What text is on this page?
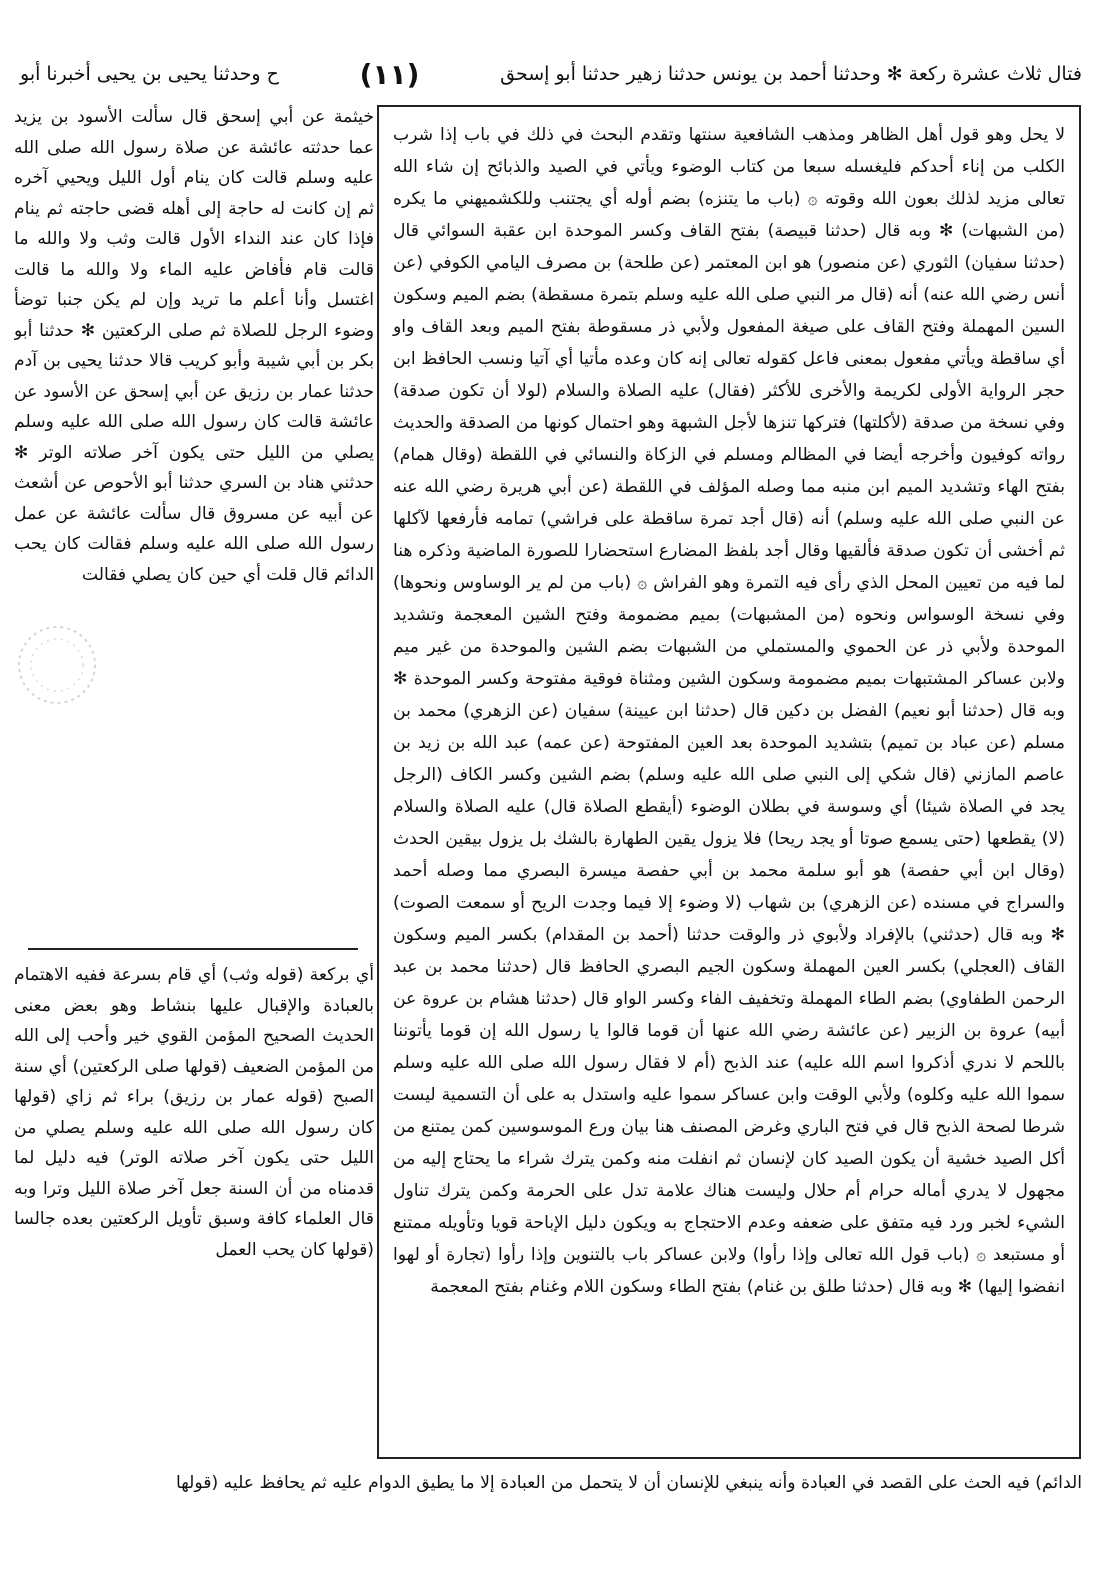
فتال ثلاث عشرة ركعة ✻ وحدثنا أحمد بن يونس حدثنا زهير حدثنا أبو إسحق
(١١)
ح وحدثنا يحيى بن يحيى أخبرنا أبو

لا يحل وهو قول أهل الظاهر ومذهب الشافعية سنتها وتقدم البحث في ذلك في باب إذا شرب الكلب من إناء أحدكم فليغسله سبعا من كتاب الوضوء ويأتي في الصيد والذبائح إن شاء الله تعالى مزيد لذلك بعون الله وقوته ۞ (باب ما يتنزه) بضم أوله أي يجتنب وللكشميهني ما يكره (من الشبهات) ✻ وبه قال (حدثنا قبيصة) بفتح القاف وكسر الموحدة ابن عقبة السوائي قال (حدثنا سفيان) الثوري (عن منصور) هو ابن المعتمر (عن طلحة) بن مصرف اليامي الكوفي (عن أنس رضي الله عنه) أنه (قال مر النبي صلى الله عليه وسلم بتمرة مسقطة) بضم الميم وسكون السين المهملة وفتح القاف على صيغة المفعول ولأبي ذر مسقوطة بفتح الميم وبعد القاف واو أي ساقطة ويأتي مفعول بمعنى فاعل كقوله تعالى إنه كان وعده مأتيا أي آتيا ونسب الحافظ ابن حجر الرواية الأولى لكريمة والأخرى للأكثر (فقال) عليه الصلاة والسلام (لولا أن تكون صدقة) وفي نسخة من صدقة (لأكلتها) فتركها تنزها لأجل الشبهة وهو احتمال كونها من الصدقة والحديث رواته كوفيون وأخرجه أيضا في المظالم ومسلم في الزكاة والنسائي في اللقطة (وقال همام) بفتح الهاء وتشديد الميم ابن منبه مما وصله المؤلف في اللقطة (عن أبي هريرة رضي الله عنه عن النبي صلى الله عليه وسلم) أنه (قال أجد تمرة ساقطة على فراشي) تمامه فأرفعها لآكلها ثم أخشى أن تكون صدقة فألقيها وقال أجد بلفظ المضارع استحضارا للصورة الماضية وذكره هنا لما فيه من تعيين المحل الذي رأى فيه التمرة وهو الفراش ۞ (باب من لم ير الوساوس ونحوها) وفي نسخة الوسواس ونحوه (من المشبهات) بميم مضمومة وفتح الشين المعجمة وتشديد الموحدة ولأبي ذر عن الحموي والمستملي من الشبهات بضم الشين والموحدة من غير ميم ولابن عساكر المشتبهات بميم مضمومة وسكون الشين ومثناة فوقية مفتوحة وكسر الموحدة ✻ وبه قال (حدثنا أبو نعيم) الفضل بن دكين قال (حدثنا ابن عيينة) سفيان (عن الزهري) محمد بن مسلم (عن عباد بن تميم) بتشديد الموحدة بعد العين المفتوحة (عن عمه) عبد الله بن زيد بن عاصم المازني (قال شكي إلى النبي صلى الله عليه وسلم) بضم الشين وكسر الكاف (الرجل يجد في الصلاة شيئا) أي وسوسة في بطلان الوضوء (أيقطع الصلاة قال) عليه الصلاة والسلام (لا) يقطعها (حتى يسمع صوتا أو يجد ريحا) فلا يزول يقين الطهارة بالشك بل يزول بيقين الحدث (وقال ابن أبي حفصة) هو أبو سلمة محمد بن أبي حفصة ميسرة البصري مما وصله أحمد والسراج في مسنده (عن الزهري) بن شهاب (لا وضوء إلا فيما وجدت الريح أو سمعت الصوت) ✻ وبه قال (حدثني) بالإفراد ولأبوي ذر والوقت حدثنا (أحمد بن المقدام) بكسر الميم وسكون القاف (العجلي) بكسر العين المهملة وسكون الجيم البصري الحافظ قال (حدثنا محمد بن عبد الرحمن الطفاوي) بضم الطاء المهملة وتخفيف الفاء وكسر الواو قال (حدثنا هشام بن عروة عن أبيه) عروة بن الزبير (عن عائشة رضي الله عنها أن قوما قالوا يا رسول الله إن قوما يأتوننا باللحم لا ندري أذكروا اسم الله عليه) عند الذبح (أم لا فقال رسول الله صلى الله عليه وسلم سموا الله عليه وكلوه) ولأبي الوقت وابن عساكر سموا عليه واستدل به على أن التسمية ليست شرطا لصحة الذبح قال في فتح الباري وغرض المصنف هنا بيان ورع الموسوسين كمن يمتنع من أكل الصيد خشية أن يكون الصيد كان لإنسان ثم انفلت منه وكمن يترك شراء ما يحتاج إليه من مجهول لا يدري أماله حرام أم حلال وليست هناك علامة تدل على الحرمة وكمن يترك تناول الشيء لخبر ورد فيه متفق على ضعفه وعدم الاحتجاج به ويكون دليل الإباحة قويا وتأويله ممتنع أو مستبعد ۞ (باب قول الله تعالى وإذا رأوا) ولابن عساكر باب بالتنوين وإذا رأوا (تجارة أو لهوا انفضوا إليها) ✻ وبه قال (حدثنا طلق بن غنام) بفتح الطاء وسكون اللام وغنام بفتح المعجمة

خيثمة عن أبي إسحق قال سألت الأسود بن يزيد عما حدثته عائشة عن صلاة رسول الله صلى الله عليه وسلم قالت كان ينام أول الليل ويحيي آخره ثم إن كانت له حاجة إلى أهله قضى حاجته ثم ينام فإذا كان عند النداء الأول قالت وثب ولا والله ما قالت قام فأفاض عليه الماء ولا والله ما قالت اغتسل وأنا أعلم ما تريد وإن لم يكن جنبا توضأ وضوء الرجل للصلاة ثم صلى الركعتين ✻ حدثنا أبو بكر بن أبي شيبة وأبو كريب قالا حدثنا يحيى بن آدم حدثنا عمار بن رزيق عن أبي إسحق عن الأسود عن عائشة قالت كان رسول الله صلى الله عليه وسلم يصلي من الليل حتى يكون آخر صلاته الوتر ✻ حدثني هناد بن السري حدثنا أبو الأحوص عن أشعث عن أبيه عن مسروق قال سألت عائشة عن عمل رسول الله صلى الله عليه وسلم فقالت كان يحب الدائم قال قلت أي حين كان يصلي فقالت

أي بركعة (قوله وثب) أي قام بسرعة ففيه الاهتمام بالعبادة والإقبال عليها بنشاط وهو بعض معنى الحديث الصحيح المؤمن القوي خير وأحب إلى الله من المؤمن الضعيف (قولها صلى الركعتين) أي سنة الصبح (قوله عمار بن رزيق) براء ثم زاي (قولها كان رسول الله صلى الله عليه وسلم يصلي من الليل حتى يكون آخر صلاته الوتر) فيه دليل لما قدمناه من أن السنة جعل آخر صلاة الليل وترا وبه قال العلماء كافة وسبق تأويل الركعتين بعده جالسا (قولها كان يحب العمل

الدائم) فيه الحث على القصد في العبادة وأنه ينبغي للإنسان أن لا يتحمل من العبادة إلا ما يطيق الدوام عليه ثم يحافظ عليه (قولها
